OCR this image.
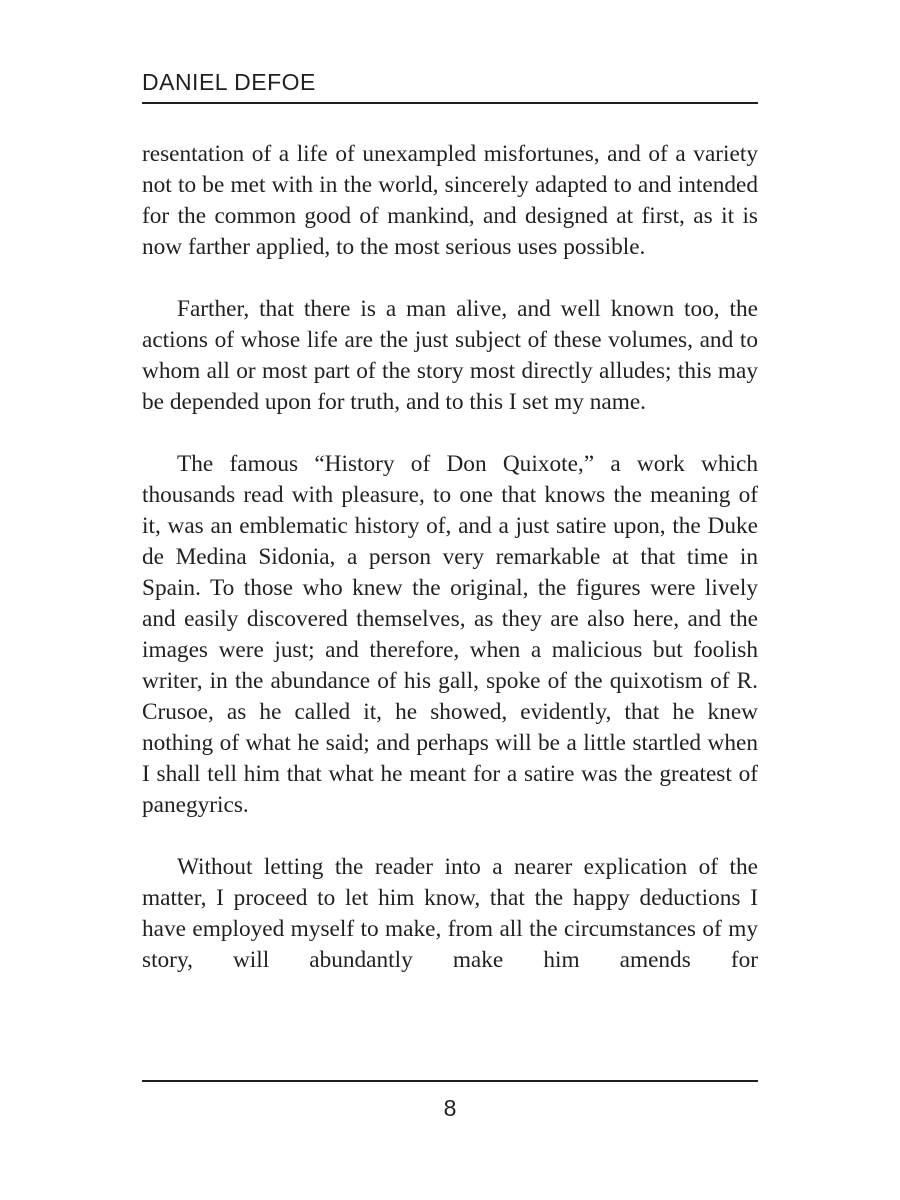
DANIEL DEFOE

resentation of a life of unexampled misfortunes, and of a variety not to be met with in the world, sincerely adapted to and intended for the common good of mankind, and designed at first, as it is now farther applied, to the most serious uses possible.

Farther, that there is a man alive, and well known too, the actions of whose life are the just subject of these volumes, and to whom all or most part of the story most directly alludes; this may be depended upon for truth, and to this I set my name.

The famous “History of Don Quixote,” a work which thousands read with pleasure, to one that knows the meaning of it, was an emblematic history of, and a just satire upon, the Duke de Medina Sidonia, a person very remarkable at that time in Spain. To those who knew the original, the figures were lively and easily discovered themselves, as they are also here, and the images were just; and therefore, when a malicious but foolish writer, in the abundance of his gall, spoke of the quixotism of R. Crusoe, as he called it, he showed, evidently, that he knew nothing of what he said; and perhaps will be a little startled when I shall tell him that what he meant for a satire was the greatest of panegyrics.

Without letting the reader into a nearer explication of the matter, I proceed to let him know, that the happy deductions I have employed myself to make, from all the circumstances of my story, will abundantly make him amends for

8
